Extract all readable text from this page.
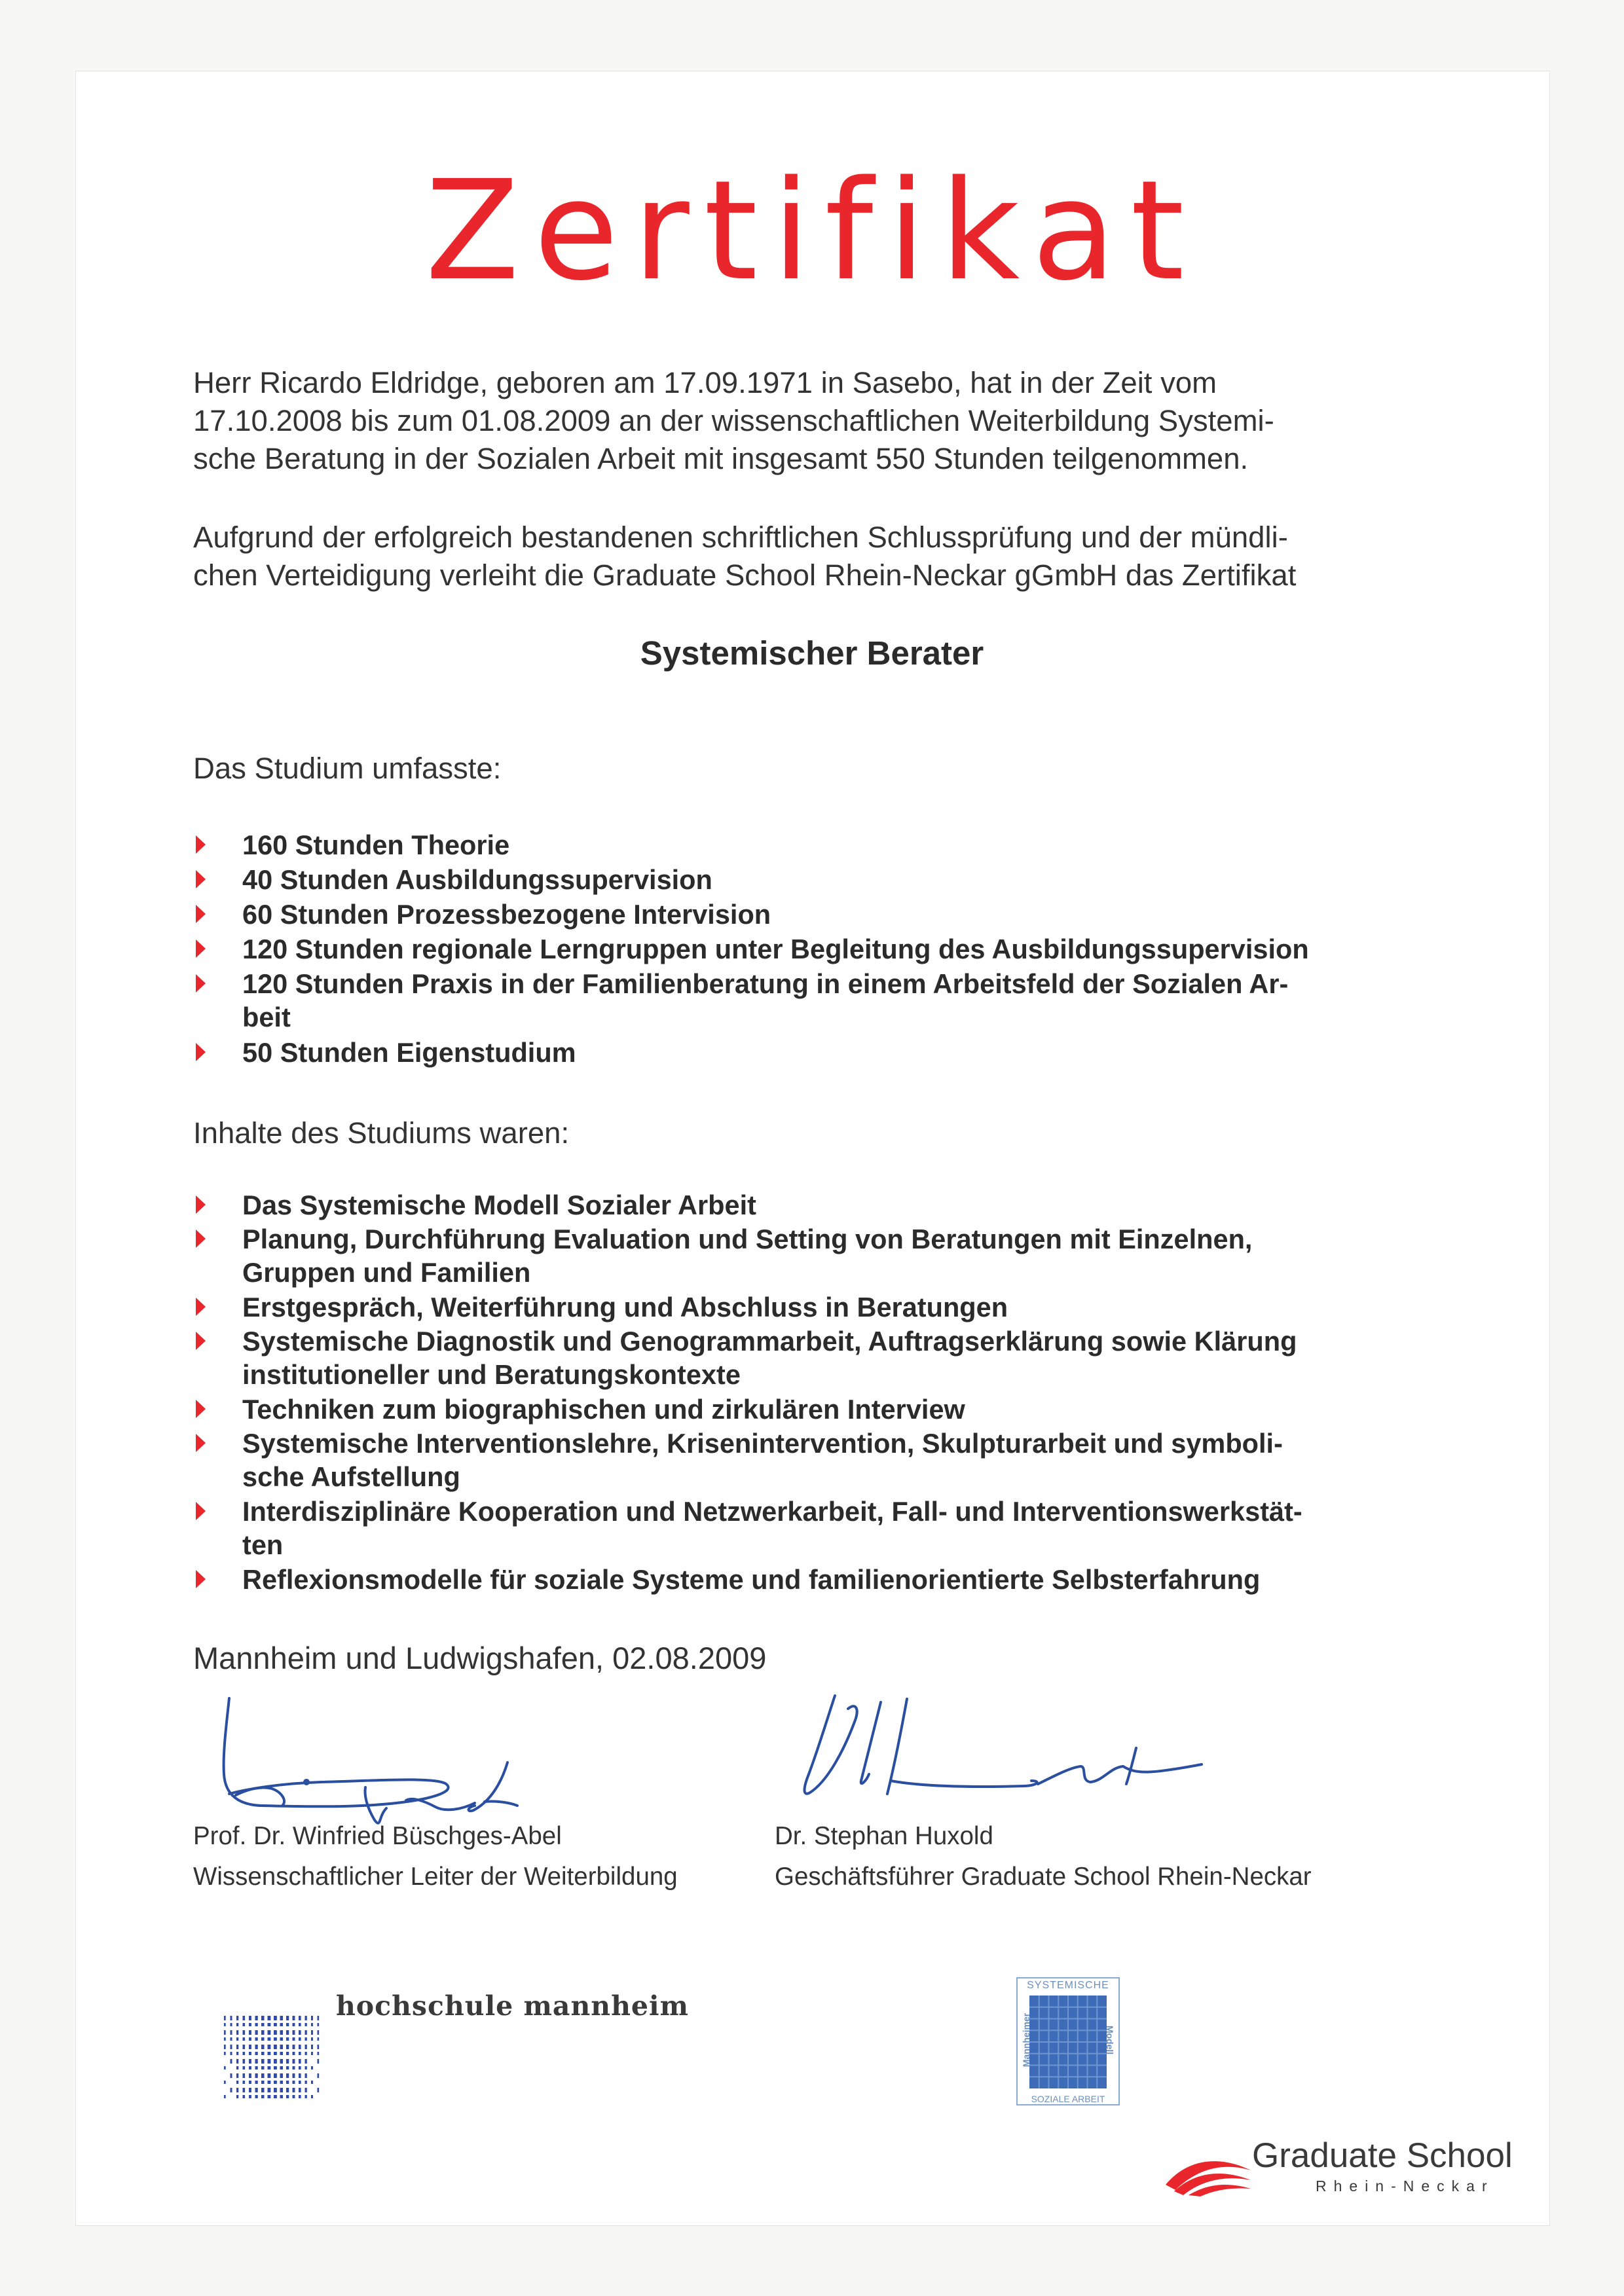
Zertifikat
Herr Ricardo Eldridge, geboren am 17.09.1971 in Sasebo, hat in der Zeit vom
17.10.2008 bis zum 01.08.2009 an der wissenschaftlichen Weiterbildung Systemi-
sche Beratung in der Sozialen Arbeit mit insgesamt 550 Stunden teilgenommen.
Aufgrund der erfolgreich bestandenen schriftlichen Schlussprüfung und der mündli-
chen Verteidigung verleiht die Graduate School Rhein-Neckar gGmbH das Zertifikat
Systemischer Berater
Das Studium umfasste:
160 Stunden Theorie
40 Stunden Ausbildungssupervision
60 Stunden Prozessbezogene Intervision
120 Stunden regionale Lerngruppen unter Begleitung des Ausbildungssupervision
120 Stunden Praxis in der Familienberatung in einem Arbeitsfeld der Sozialen Ar-
beit
50 Stunden Eigenstudium
Inhalte des Studiums waren:
Das Systemische Modell Sozialer Arbeit
Planung, Durchführung Evaluation und Setting von Beratungen mit Einzelnen,
Gruppen und Familien
Erstgespräch, Weiterführung und Abschluss in Beratungen
Systemische Diagnostik und Genogrammarbeit, Auftragserklärung sowie Klärung
institutioneller und Beratungskontexte
Techniken zum biographischen und zirkulären Interview
Systemische Interventionslehre, Krisenintervention, Skulpturarbeit und symboli-
sche Aufstellung
Interdisziplinäre Kooperation und Netzwerkarbeit, Fall- und Interventionswerkstät-
ten
Reflexionsmodelle für soziale Systeme und familienorientierte Selbsterfahrung
Mannheim und Ludwigshafen, 02.08.2009
Prof. Dr. Winfried Büschges-Abel
Wissenschaftlicher Leiter der Weiterbildung
Dr. Stephan Huxold
Geschäftsführer Graduate School Rhein-Neckar
hochschule mannheim
SYSTEMISCHE
SOZIALE ARBEIT
Mannheimer	Modell
Graduate School
Rhein-Neckar
